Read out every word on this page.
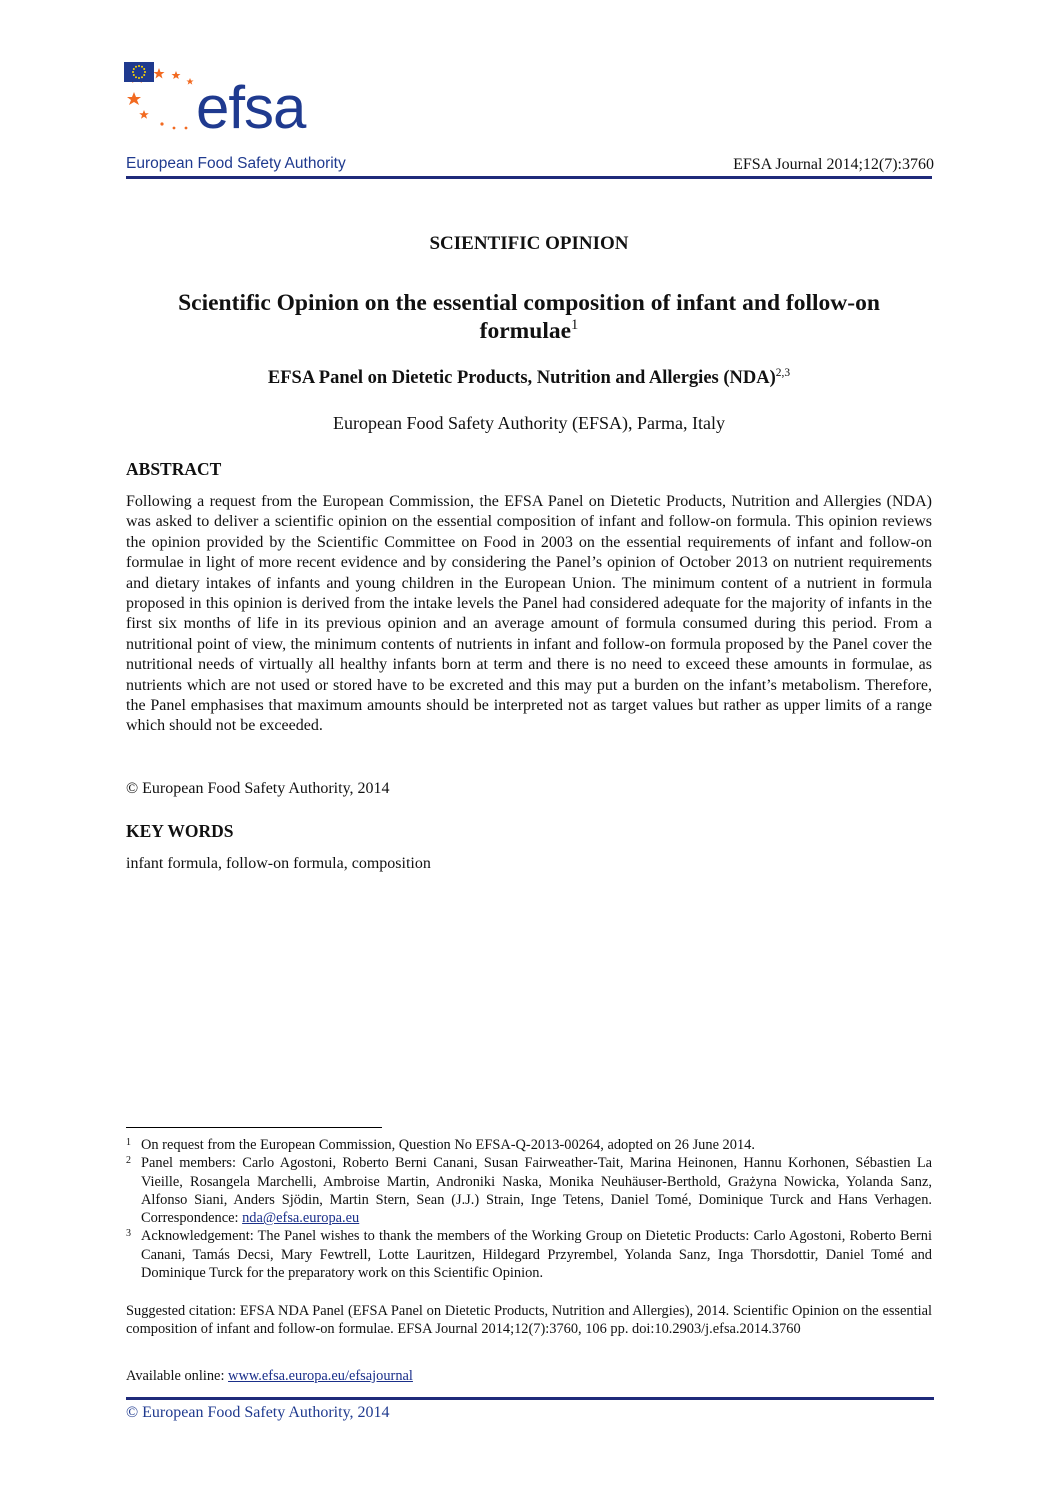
efsa
European Food Safety Authority	EFSA Journal 2014;12(7):3760
SCIENTIFIC OPINION
Scientific Opinion on the essential composition of infant and follow-on formulae$^1$
EFSA Panel on Dietetic Products, Nutrition and Allergies (NDA)$^{2,3}$
European Food Safety Authority (EFSA), Parma, Italy
ABSTRACT
Following a request from the European Commission, the EFSA Panel on Dietetic Products, Nutrition and Allergies (NDA) was asked to deliver a scientific opinion on the essential composition of infant and follow-on formula. This opinion reviews the opinion provided by the Scientific Committee on Food in 2003 on the essential requirements of infant and follow-on formulae in light of more recent evidence and by considering the Panel’s opinion of October 2013 on nutrient requirements and dietary intakes of infants and young children in the European Union. The minimum content of a nutrient in formula proposed in this opinion is derived from the intake levels the Panel had considered adequate for the majority of infants in the first six months of life in its previous opinion and an average amount of formula consumed during this period. From a nutritional point of view, the minimum contents of nutrients in infant and follow-on formula proposed by the Panel cover the nutritional needs of virtually all healthy infants born at term and there is no need to exceed these amounts in formulae, as nutrients which are not used or stored have to be excreted and this may put a burden on the infant’s metabolism. Therefore, the Panel emphasises that maximum amounts should be interpreted not as target values but rather as upper limits of a range which should not be exceeded.
© European Food Safety Authority, 2014
KEY WORDS
infant formula, follow-on formula, composition
1 On request from the European Commission, Question No EFSA-Q-2013-00264, adopted on 26 June 2014.
2 Panel members: Carlo Agostoni, Roberto Berni Canani, Susan Fairweather-Tait, Marina Heinonen, Hannu Korhonen, Sébastien La Vieille, Rosangela Marchelli, Ambroise Martin, Androniki Naska, Monika Neuhäuser-Berthold, Grażyna Nowicka, Yolanda Sanz, Alfonso Siani, Anders Sjödin, Martin Stern, Sean (J.J.) Strain, Inge Tetens, Daniel Tomé, Dominique Turck and Hans Verhagen. Correspondence: nda@efsa.europa.eu
3 Acknowledgement: The Panel wishes to thank the members of the Working Group on Dietetic Products: Carlo Agostoni, Roberto Berni Canani, Tamás Decsi, Mary Fewtrell, Lotte Lauritzen, Hildegard Przyrembel, Yolanda Sanz, Inga Thorsdottir, Daniel Tomé and Dominique Turck for the preparatory work on this Scientific Opinion.
Suggested citation: EFSA NDA Panel (EFSA Panel on Dietetic Products, Nutrition and Allergies), 2014. Scientific Opinion on the essential composition of infant and follow-on formulae. EFSA Journal 2014;12(7):3760, 106 pp. doi:10.2903/j.efsa.2014.3760
Available online: www.efsa.europa.eu/efsajournal
© European Food Safety Authority, 2014
